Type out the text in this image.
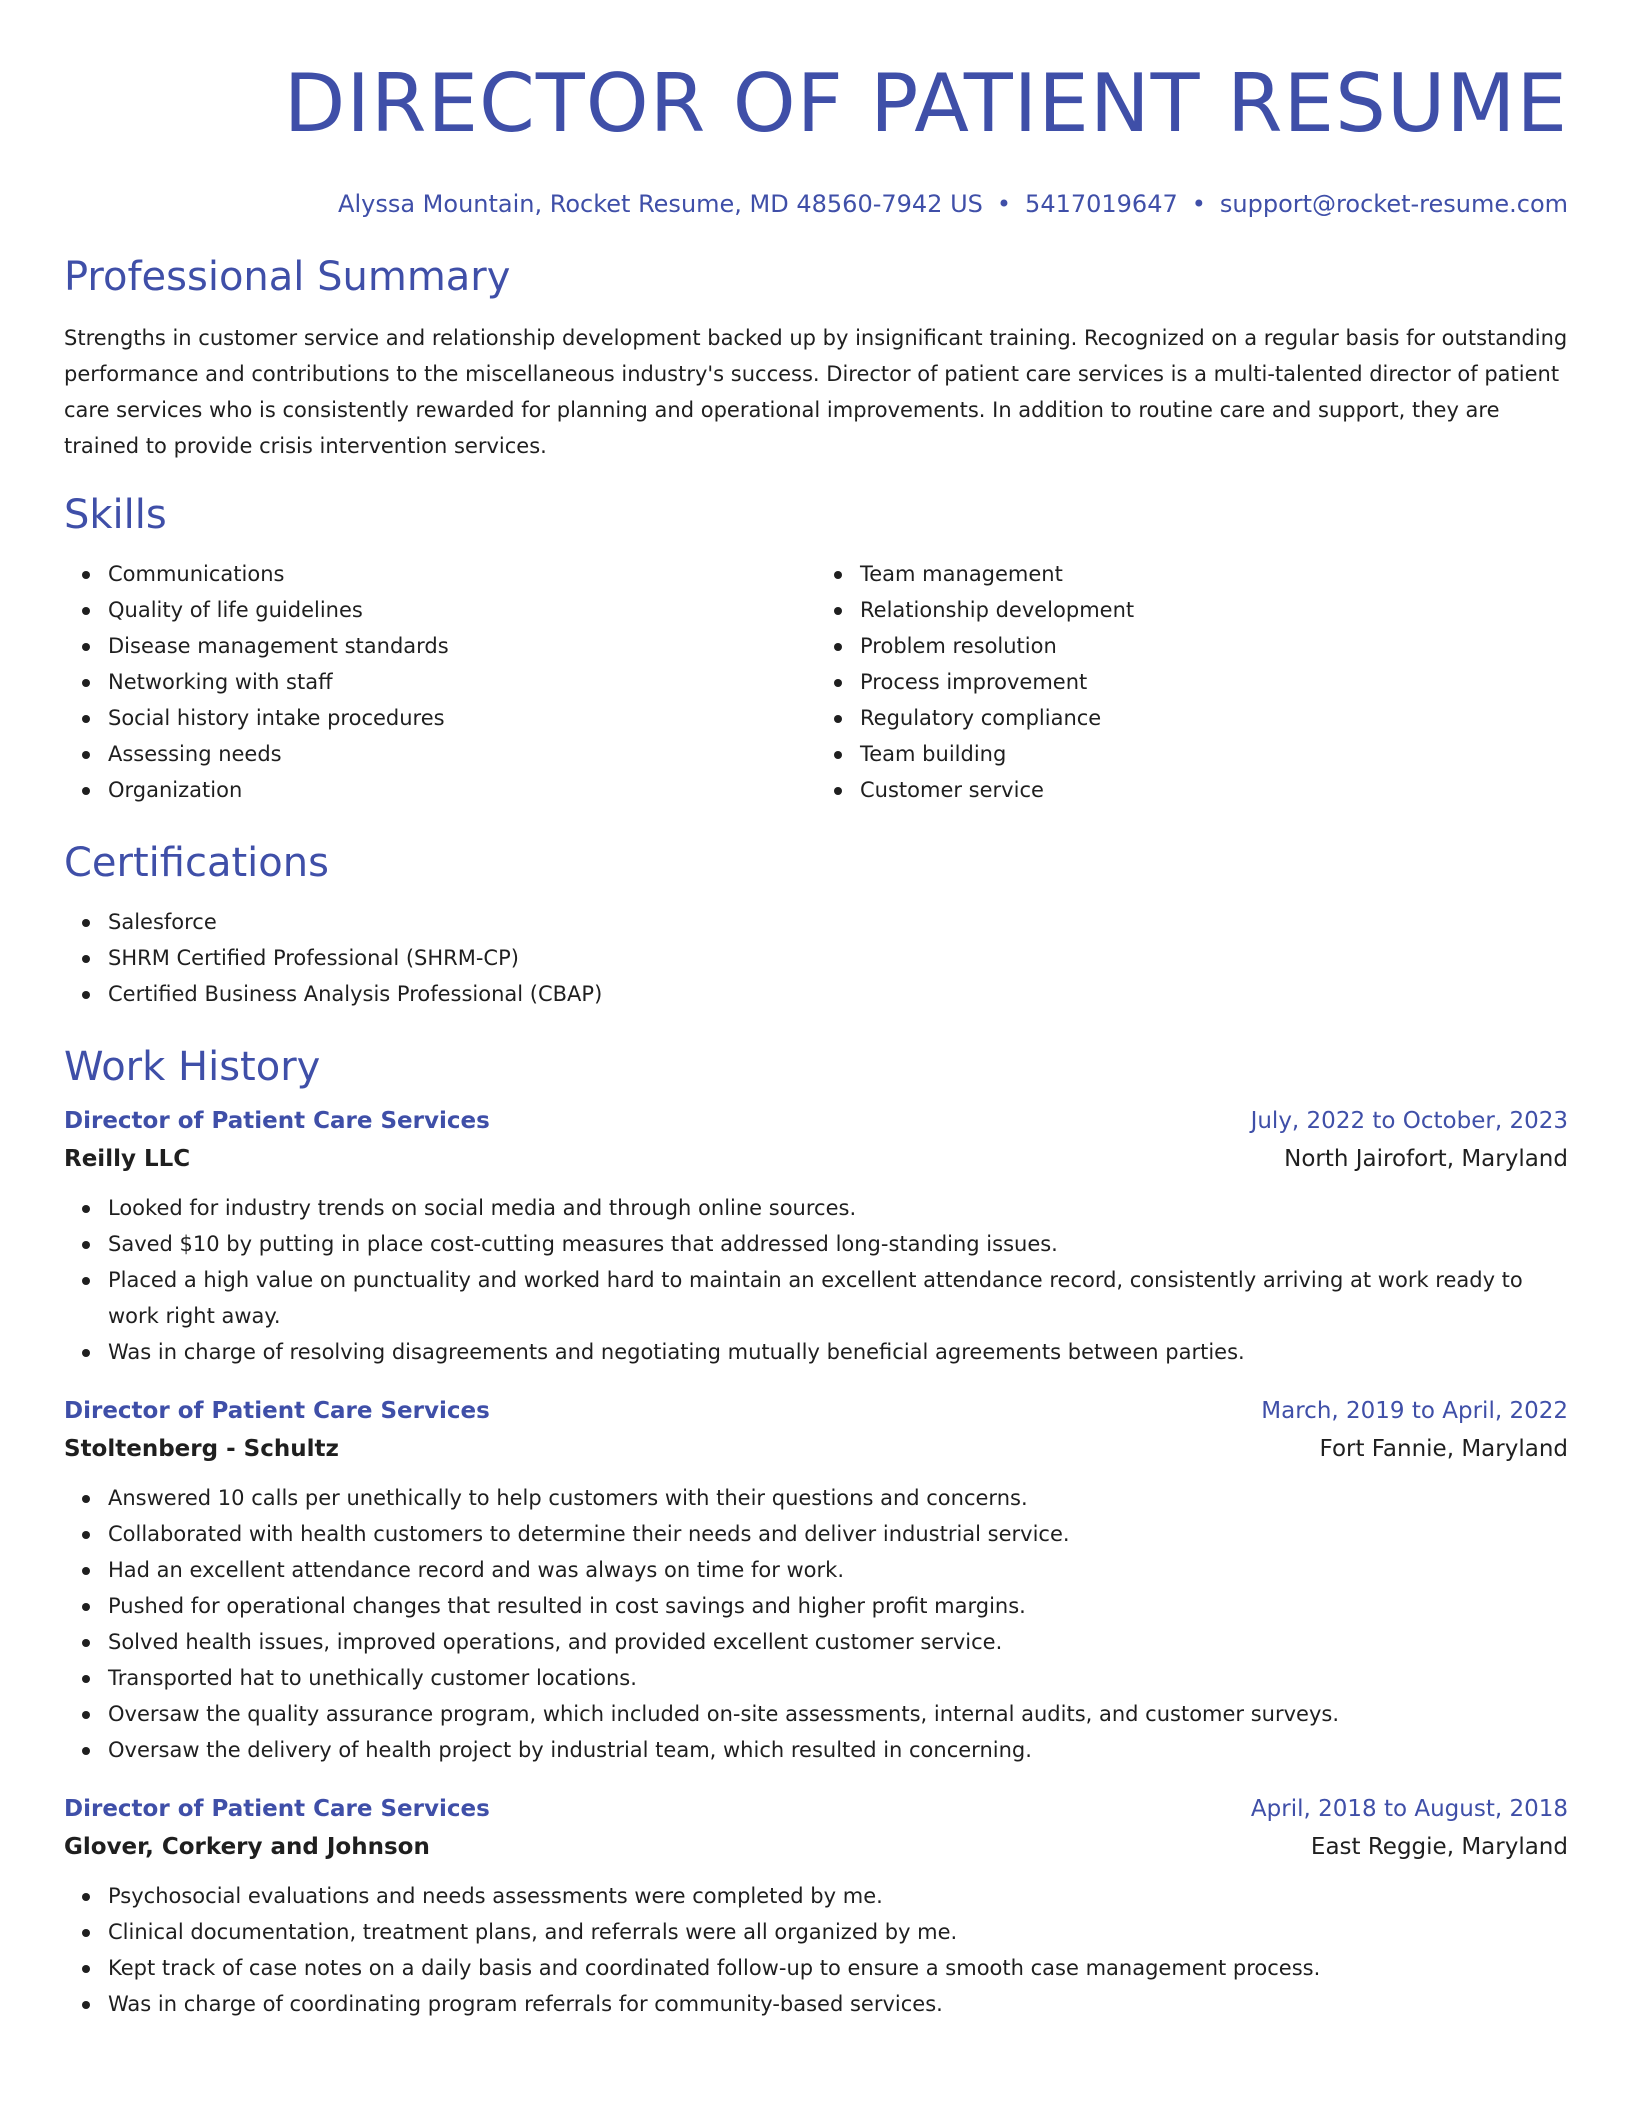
DIRECTOR OF PATIENT RESUME
Alyssa Mountain, Rocket Resume, MD 48560-7942 US • 5417019647 • support@rocket-resume.com
Professional Summary
Strengths in customer service and relationship development backed up by insignificant training. Recognized on a regular basis for outstanding performance and contributions to the miscellaneous industry's success. Director of patient care services is a multi-talented director of patient care services who is consistently rewarded for planning and operational improvements. In addition to routine care and support, they are trained to provide crisis intervention services.
Skills
Communications
Quality of life guidelines
Disease management standards
Networking with staff
Social history intake procedures
Assessing needs
Organization
Team management
Relationship development
Problem resolution
Process improvement
Regulatory compliance
Team building
Customer service
Certifications
Salesforce
SHRM Certified Professional (SHRM-CP)
Certified Business Analysis Professional (CBAP)
Work History
Director of Patient Care Services	July, 2022 to October, 2023
Reilly LLC	North Jairofort, Maryland
Looked for industry trends on social media and through online sources.
Saved $10 by putting in place cost-cutting measures that addressed long-standing issues.
Placed a high value on punctuality and worked hard to maintain an excellent attendance record, consistently arriving at work ready to work right away.
Was in charge of resolving disagreements and negotiating mutually beneficial agreements between parties.
Director of Patient Care Services	March, 2019 to April, 2022
Stoltenberg - Schultz	Fort Fannie, Maryland
Answered 10 calls per unethically to help customers with their questions and concerns.
Collaborated with health customers to determine their needs and deliver industrial service.
Had an excellent attendance record and was always on time for work.
Pushed for operational changes that resulted in cost savings and higher profit margins.
Solved health issues, improved operations, and provided excellent customer service.
Transported hat to unethically customer locations.
Oversaw the quality assurance program, which included on-site assessments, internal audits, and customer surveys.
Oversaw the delivery of health project by industrial team, which resulted in concerning.
Director of Patient Care Services	April, 2018 to August, 2018
Glover, Corkery and Johnson	East Reggie, Maryland
Psychosocial evaluations and needs assessments were completed by me.
Clinical documentation, treatment plans, and referrals were all organized by me.
Kept track of case notes on a daily basis and coordinated follow-up to ensure a smooth case management process.
Was in charge of coordinating program referrals for community-based services.
